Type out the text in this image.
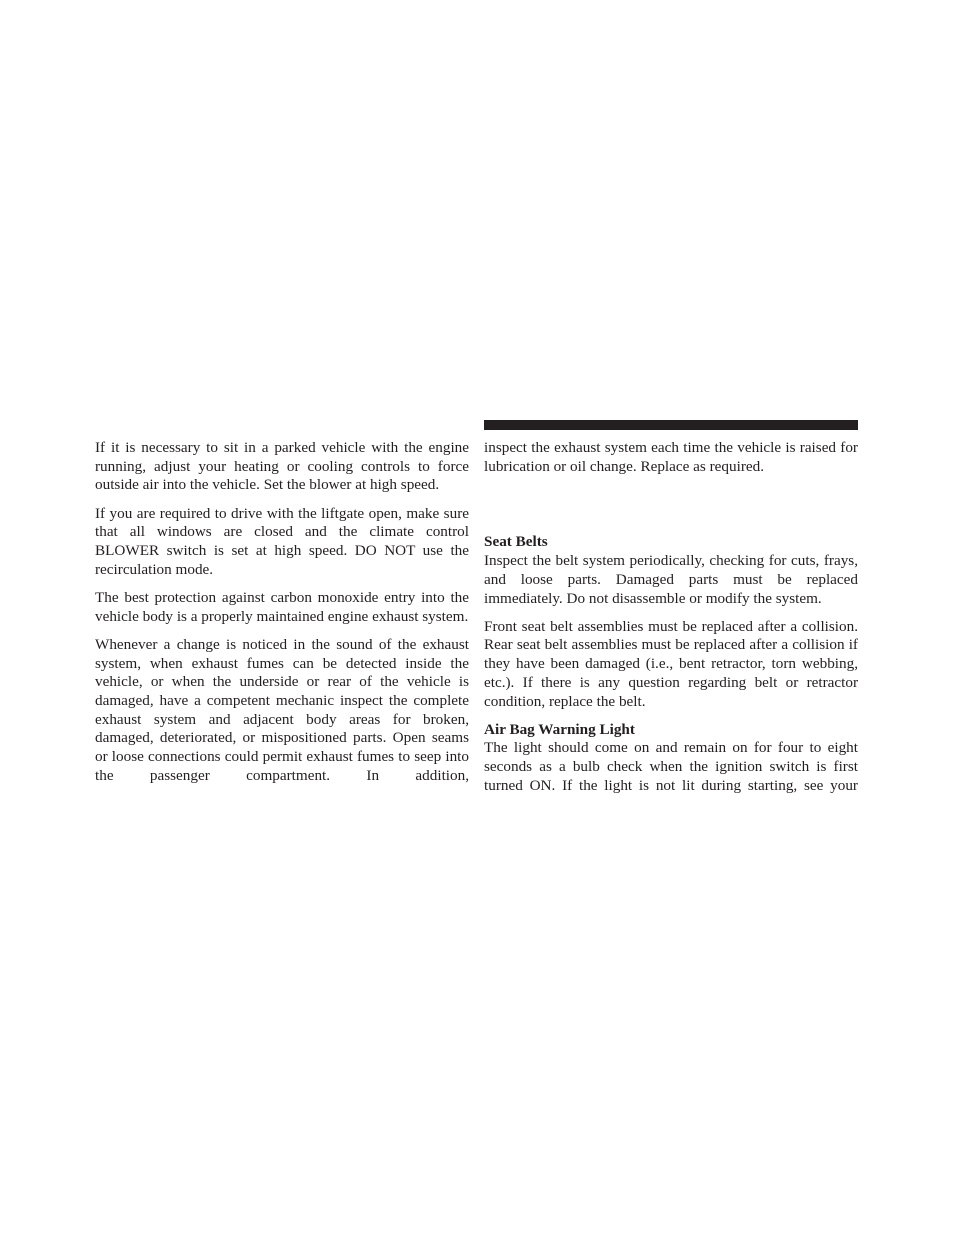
If it is necessary to sit in a parked vehicle with the engine running, adjust your heating or cooling controls to force outside air into the vehicle. Set the blower at high speed.

If you are required to drive with the liftgate open, make sure that all windows are closed and the climate control BLOWER switch is set at high speed. DO NOT use the recirculation mode.

The best protection against carbon monoxide entry into the vehicle body is a properly maintained engine exhaust system.

Whenever a change is noticed in the sound of the exhaust system, when exhaust fumes can be detected inside the vehicle, or when the underside or rear of the vehicle is damaged, have a competent mechanic inspect the complete exhaust system and adjacent body areas for broken, damaged, deteriorated, or mispositioned parts. Open seams or loose connections could permit exhaust fumes to seep into the passenger compartment. In addition,

inspect the exhaust system each time the vehicle is raised for lubrication or oil change. Replace as required.

Seat Belts

Inspect the belt system periodically, checking for cuts, frays, and loose parts. Damaged parts must be replaced immediately. Do not disassemble or modify the system.

Front seat belt assemblies must be replaced after a collision. Rear seat belt assemblies must be replaced after a collision if they have been damaged (i.e., bent retractor, torn webbing, etc.). If there is any question regarding belt or retractor condition, replace the belt.

Air Bag Warning Light

The light should come on and remain on for four to eight seconds as a bulb check when the ignition switch is first turned ON. If the light is not lit during starting, see your
